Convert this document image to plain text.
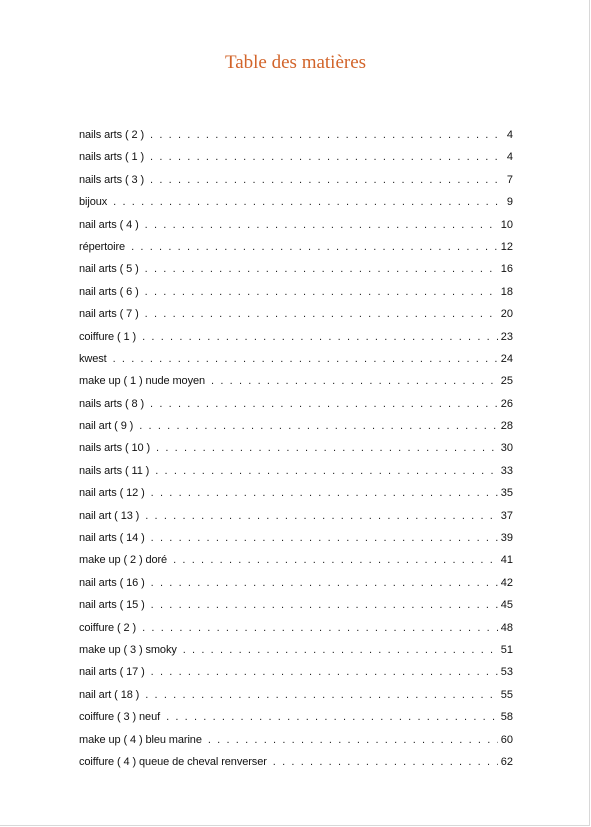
Table des matières
nails arts ( 2 ) . . .	4
nails arts ( 1 ) . . .	4
nails arts ( 3 ) . . .	7
bijoux . . .	9
nail arts ( 4 ) . . .	10
répertoire . . .	12
nail arts ( 5 ) . . .	16
nail arts ( 6 ) . . .	18
nail arts ( 7 ) . . .	20
coiffure ( 1 ) . . .	23
kwest . . .	24
make up ( 1 ) nude moyen . . .	25
nails arts ( 8 ) . . .	26
nail art ( 9 ) . . .	28
nails arts ( 10 ) . . .	30
nails arts ( 11 ) . . .	33
nail arts ( 12 ) . . .	35
nail art ( 13 ) . . .	37
nail arts ( 14 ) . . .	39
make up ( 2 ) doré . . .	41
nail arts ( 16 ) . . .	42
nail arts ( 15 ) . . .	45
coiffure ( 2 ) . . .	48
make up ( 3 ) smoky . . .	51
nail arts ( 17 ) . . .	53
nail art ( 18 ) . . .	55
coiffure ( 3 ) neuf . . .	58
make up ( 4 ) bleu marine . . .	60
coiffure ( 4 ) queue de cheval renverser . . .	62
